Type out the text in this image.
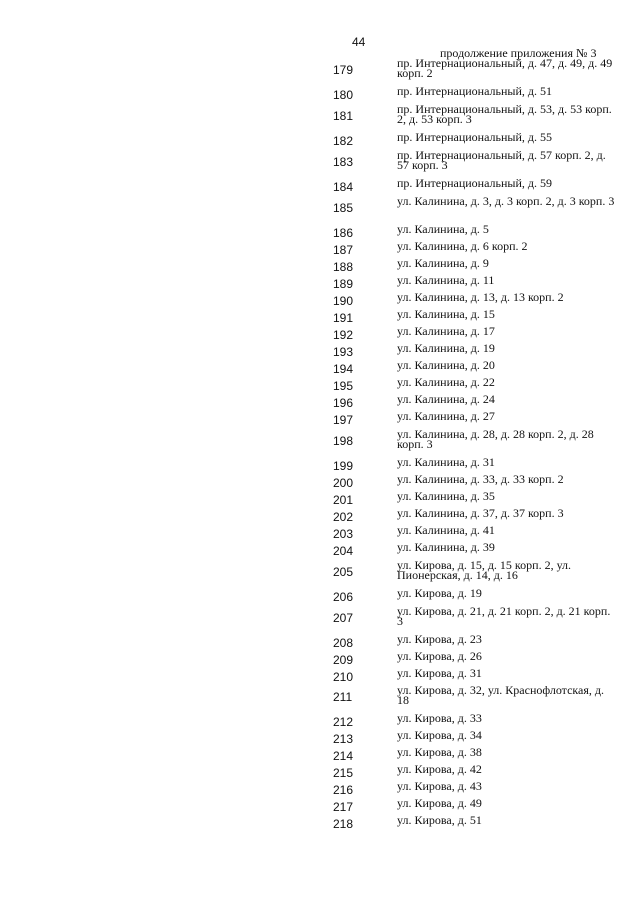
44
продолжение приложения № 3
179	пр. Интернациональный, д. 47, д. 49, д. 49 корп. 2
180	пр. Интернациональный, д. 51
181	пр. Интернациональный, д. 53, д. 53 корп. 2, д. 53 корп. 3
182	пр. Интернациональный, д. 55
183	пр. Интернациональный, д. 57 корп. 2, д. 57 корп. 3
184	пр. Интернациональный, д. 59
185	ул. Калинина, д. 3, д. 3 корп. 2, д. 3 корп. 3
186	ул. Калинина, д. 5
187	ул. Калинина, д. 6 корп. 2
188	ул. Калинина, д. 9
189	ул. Калинина, д. 11
190	ул. Калинина, д. 13, д. 13 корп. 2
191	ул. Калинина, д. 15
192	ул. Калинина, д. 17
193	ул. Калинина, д. 19
194	ул. Калинина, д. 20
195	ул. Калинина, д. 22
196	ул. Калинина, д. 24
197	ул. Калинина, д. 27
198	ул. Калинина, д. 28, д. 28 корп. 2, д. 28 корп. 3
199	ул. Калинина, д. 31
200	ул. Калинина, д. 33, д. 33 корп. 2
201	ул. Калинина, д. 35
202	ул. Калинина, д. 37, д. 37 корп. 3
203	ул. Калинина, д. 41
204	ул. Калинина, д. 39
205	ул. Кирова, д. 15, д. 15 корп. 2, ул. Пионерская, д. 14, д. 16
206	ул. Кирова, д. 19
207	ул. Кирова, д. 21, д. 21 корп. 2, д. 21 корп. 3
208	ул. Кирова, д. 23
209	ул. Кирова, д. 26
210	ул. Кирова, д. 31
211	ул. Кирова, д. 32, ул. Краснофлотская, д. 18
212	ул. Кирова, д. 33
213	ул. Кирова, д. 34
214	ул. Кирова, д. 38
215	ул. Кирова, д. 42
216	ул. Кирова, д. 43
217	ул. Кирова, д. 49
218	ул. Кирова, д. 51
